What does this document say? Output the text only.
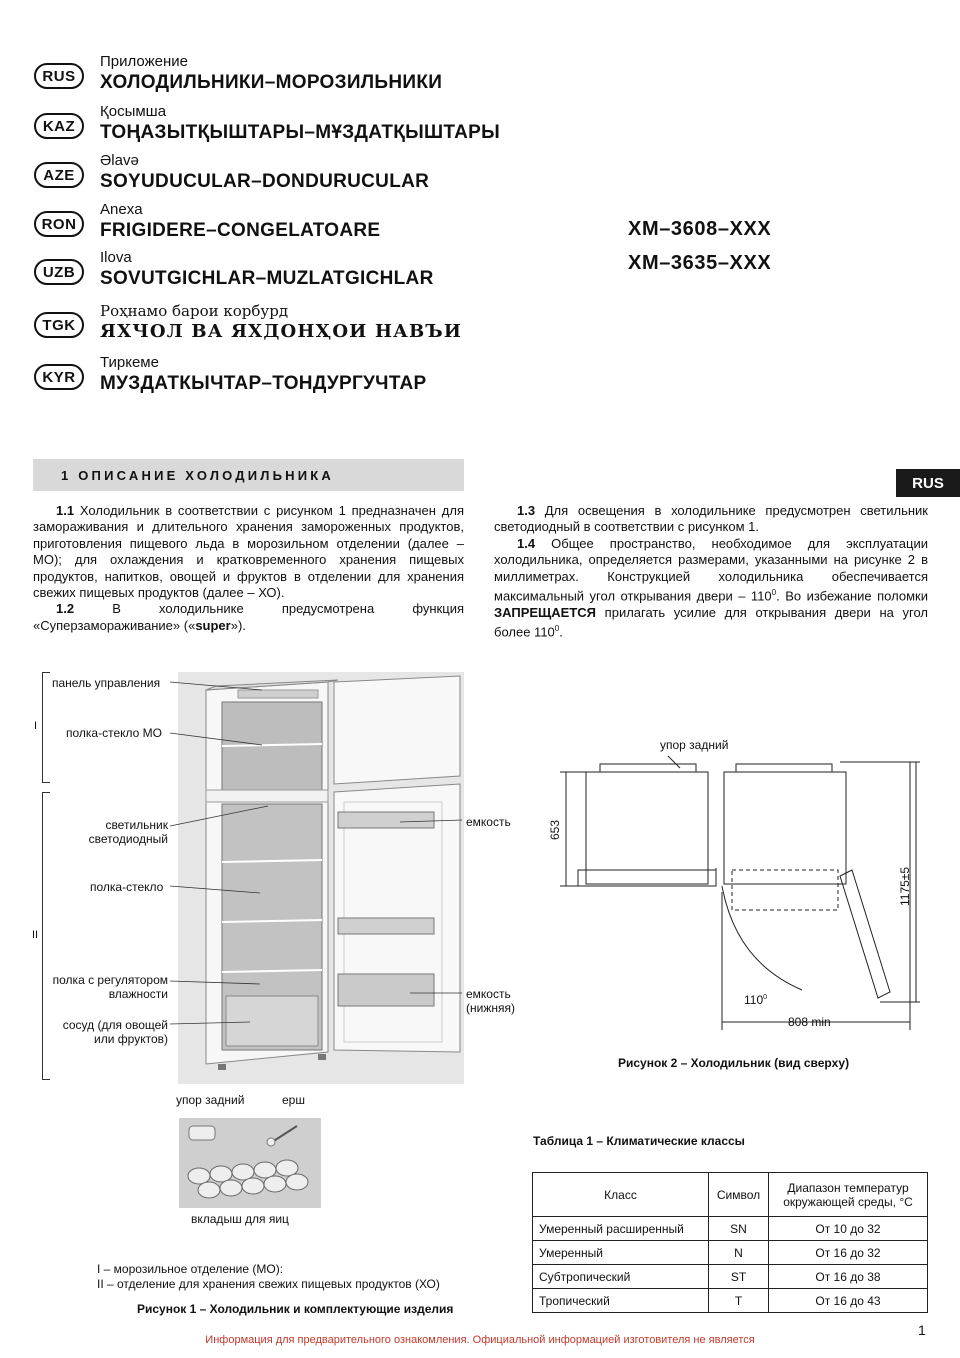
RUS
Приложение
ХОЛОДИЛЬНИКИ–МОРОЗИЛЬНИКИ
KAZ
Қосымша
ТОҢАЗЫТҚЫШТАРЫ–МҰЗДАТҚЫШТАРЫ
AZE
Əlavə
SOYUDUCULAR–DONDURUCULAR
RON
Anexa
FRIGIDERE–CONGELATOARE
UZB
Ilova
SOVUTGICHLAR–MUZLATGICHLAR
TGK
Роҳнамо барои корбурд
ЯХЧОЛ ВА ЯХДОНҲОИ НАВЪИ
KYR
Тиркеме
МУЗДАТКЫЧТАР–ТОНДУРГУЧТАР
ХМ–3608–ХХХ
ХМ–3635–ХХХ
1 ОПИСАНИЕ ХОЛОДИЛЬНИКА	RUS

1.1 Холодильник в соответствии с рисунком 1 предназначен для замораживания и длительного хранения замороженных продуктов, приготовления пищевого льда в морозильном отделении (далее – МО); для охлаждения и кратковременного хранения пищевых продуктов, напитков, овощей и фруктов в отделении для хранения свежих пищевых продуктов (далее – ХО).

1.2 В холодильнике предусмотрена функция «Суперзамораживание» («super»).

1.3 Для освещения в холодильнике предусмотрен светильник светодиодный в соответствии с рисунком 1.

1.4 Общее пространство, необходимое для эксплуатации холодильника, определяется размерами, указанными на рисунке 2 в миллиметрах. Конструкцией холодильника обеспечивается максимальный угол открывания двери – $110^0$. Во избежание поломки ЗАПРЕЩАЕТСЯ прилагать усилие для открывания двери на угол более $110^0$.

I
II
панель управления
полка-стекло МО
светильник
светодиодный
полка-стекло
полка с регулятором
влажности
сосуд (для овощей
или фруктов)
емкость
емкость
(нижняя)
упор задний	ерш
вкладыш для яиц
I – морозильное отделение (МО):
II – отделение для хранения свежих пищевых продуктов (ХО)
Рисунок 1 – Холодильник и комплектующие изделия
упор задний
653
1175±5
$110^0$
808 min
Рисунок 2 – Холодильник (вид сверху)
Таблица 1 – Климатические классы
Класс	Символ	Диапазон температур окружающей среды, °С
Умеренный расширенный	SN	От 10 до 32
Умеренный	N	От 16 до 32
Субтропический	ST	От 16 до 38
Тропический	T	От 16 до 43
1
Информация для предварительного ознакомления. Официальной информацией изготовителя не является
